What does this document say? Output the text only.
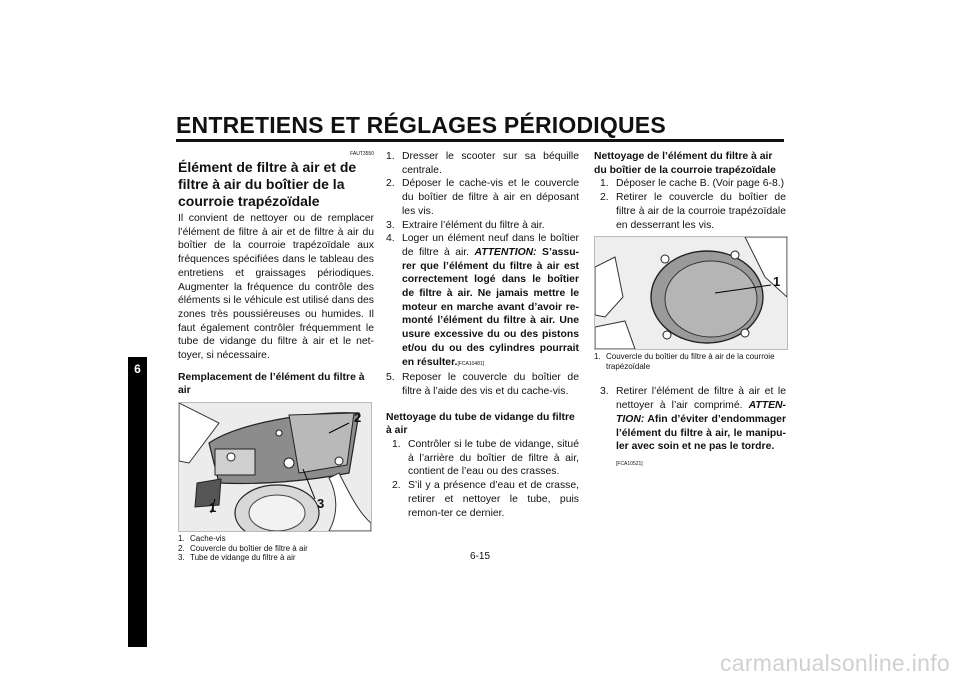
ENTRETIENS ET RÉGLAGES PÉRIODIQUES
6
FAUT3550
Élément de filtre à air et de filtre à air du boîtier de la courroie trapézoïdale
Il convient de nettoyer ou de remplacer l’élément de filtre à air et de filtre à air du boîtier de la courroie trapézoïdale aux fréquences spécifiées dans le tableau des entretiens et graissages périodiques. Augmenter la fréquence du contrôle des éléments si le véhicule est utilisé dans des zones très poussiéreuses ou humides. Il faut également contrôler fréquemment le tube de vidange du filtre à air et le net-toyer, si nécessaire.
Remplacement de l’élément du filtre à air
1
2
3
1. Cache-vis
2. Couvercle du boîtier de filtre à air
3. Tube de vidange du filtre à air
1. Dresser le scooter sur sa béquille centrale.
2. Déposer le cache-vis et le couvercle du boîtier de filtre à air en déposant les vis.
3. Extraire l’élément du filtre à air.
4. Loger un élément neuf dans le boîtier de filtre à air. ATTENTION: S’assu-rer que l’élément du filtre à air est correctement logé dans le boîtier de filtre à air. Ne jamais mettre le moteur en marche avant d’avoir re-monté l’élément du filtre à air. Une usure excessive du ou des pistons et/ou du ou des cylindres pourrait en résulter.[FCA10481]
5. Reposer le couvercle du boîtier de filtre à l’aide des vis et du cache-vis.
Nettoyage du tube de vidange du filtre à air
1. Contrôler si le tube de vidange, situé à l’arrière du boîtier de filtre à air, contient de l’eau ou des crasses.
2. S’il y a présence d’eau et de crasse, retirer et nettoyer le tube, puis remon-ter ce dernier.
Nettoyage de l’élément du filtre à air du boîtier de la courroie trapézoïdale
1. Déposer le cache B. (Voir page 6-8.)
2. Retirer le couvercle du boîtier de filtre à air de la courroie trapézoïdale en desserrant les vis.
1
1. Couvercle du boîtier du filtre à air de la courroie trapézoïdale
3. Retirer l’élément de filtre à air et le nettoyer à l’air comprimé. ATTEN-TION: Afin d’éviter d’endommager l’élément du filtre à air, le manipu-ler avec soin et ne pas le tordre.
[FCA10521]
6-15
carmanualsonline.info
